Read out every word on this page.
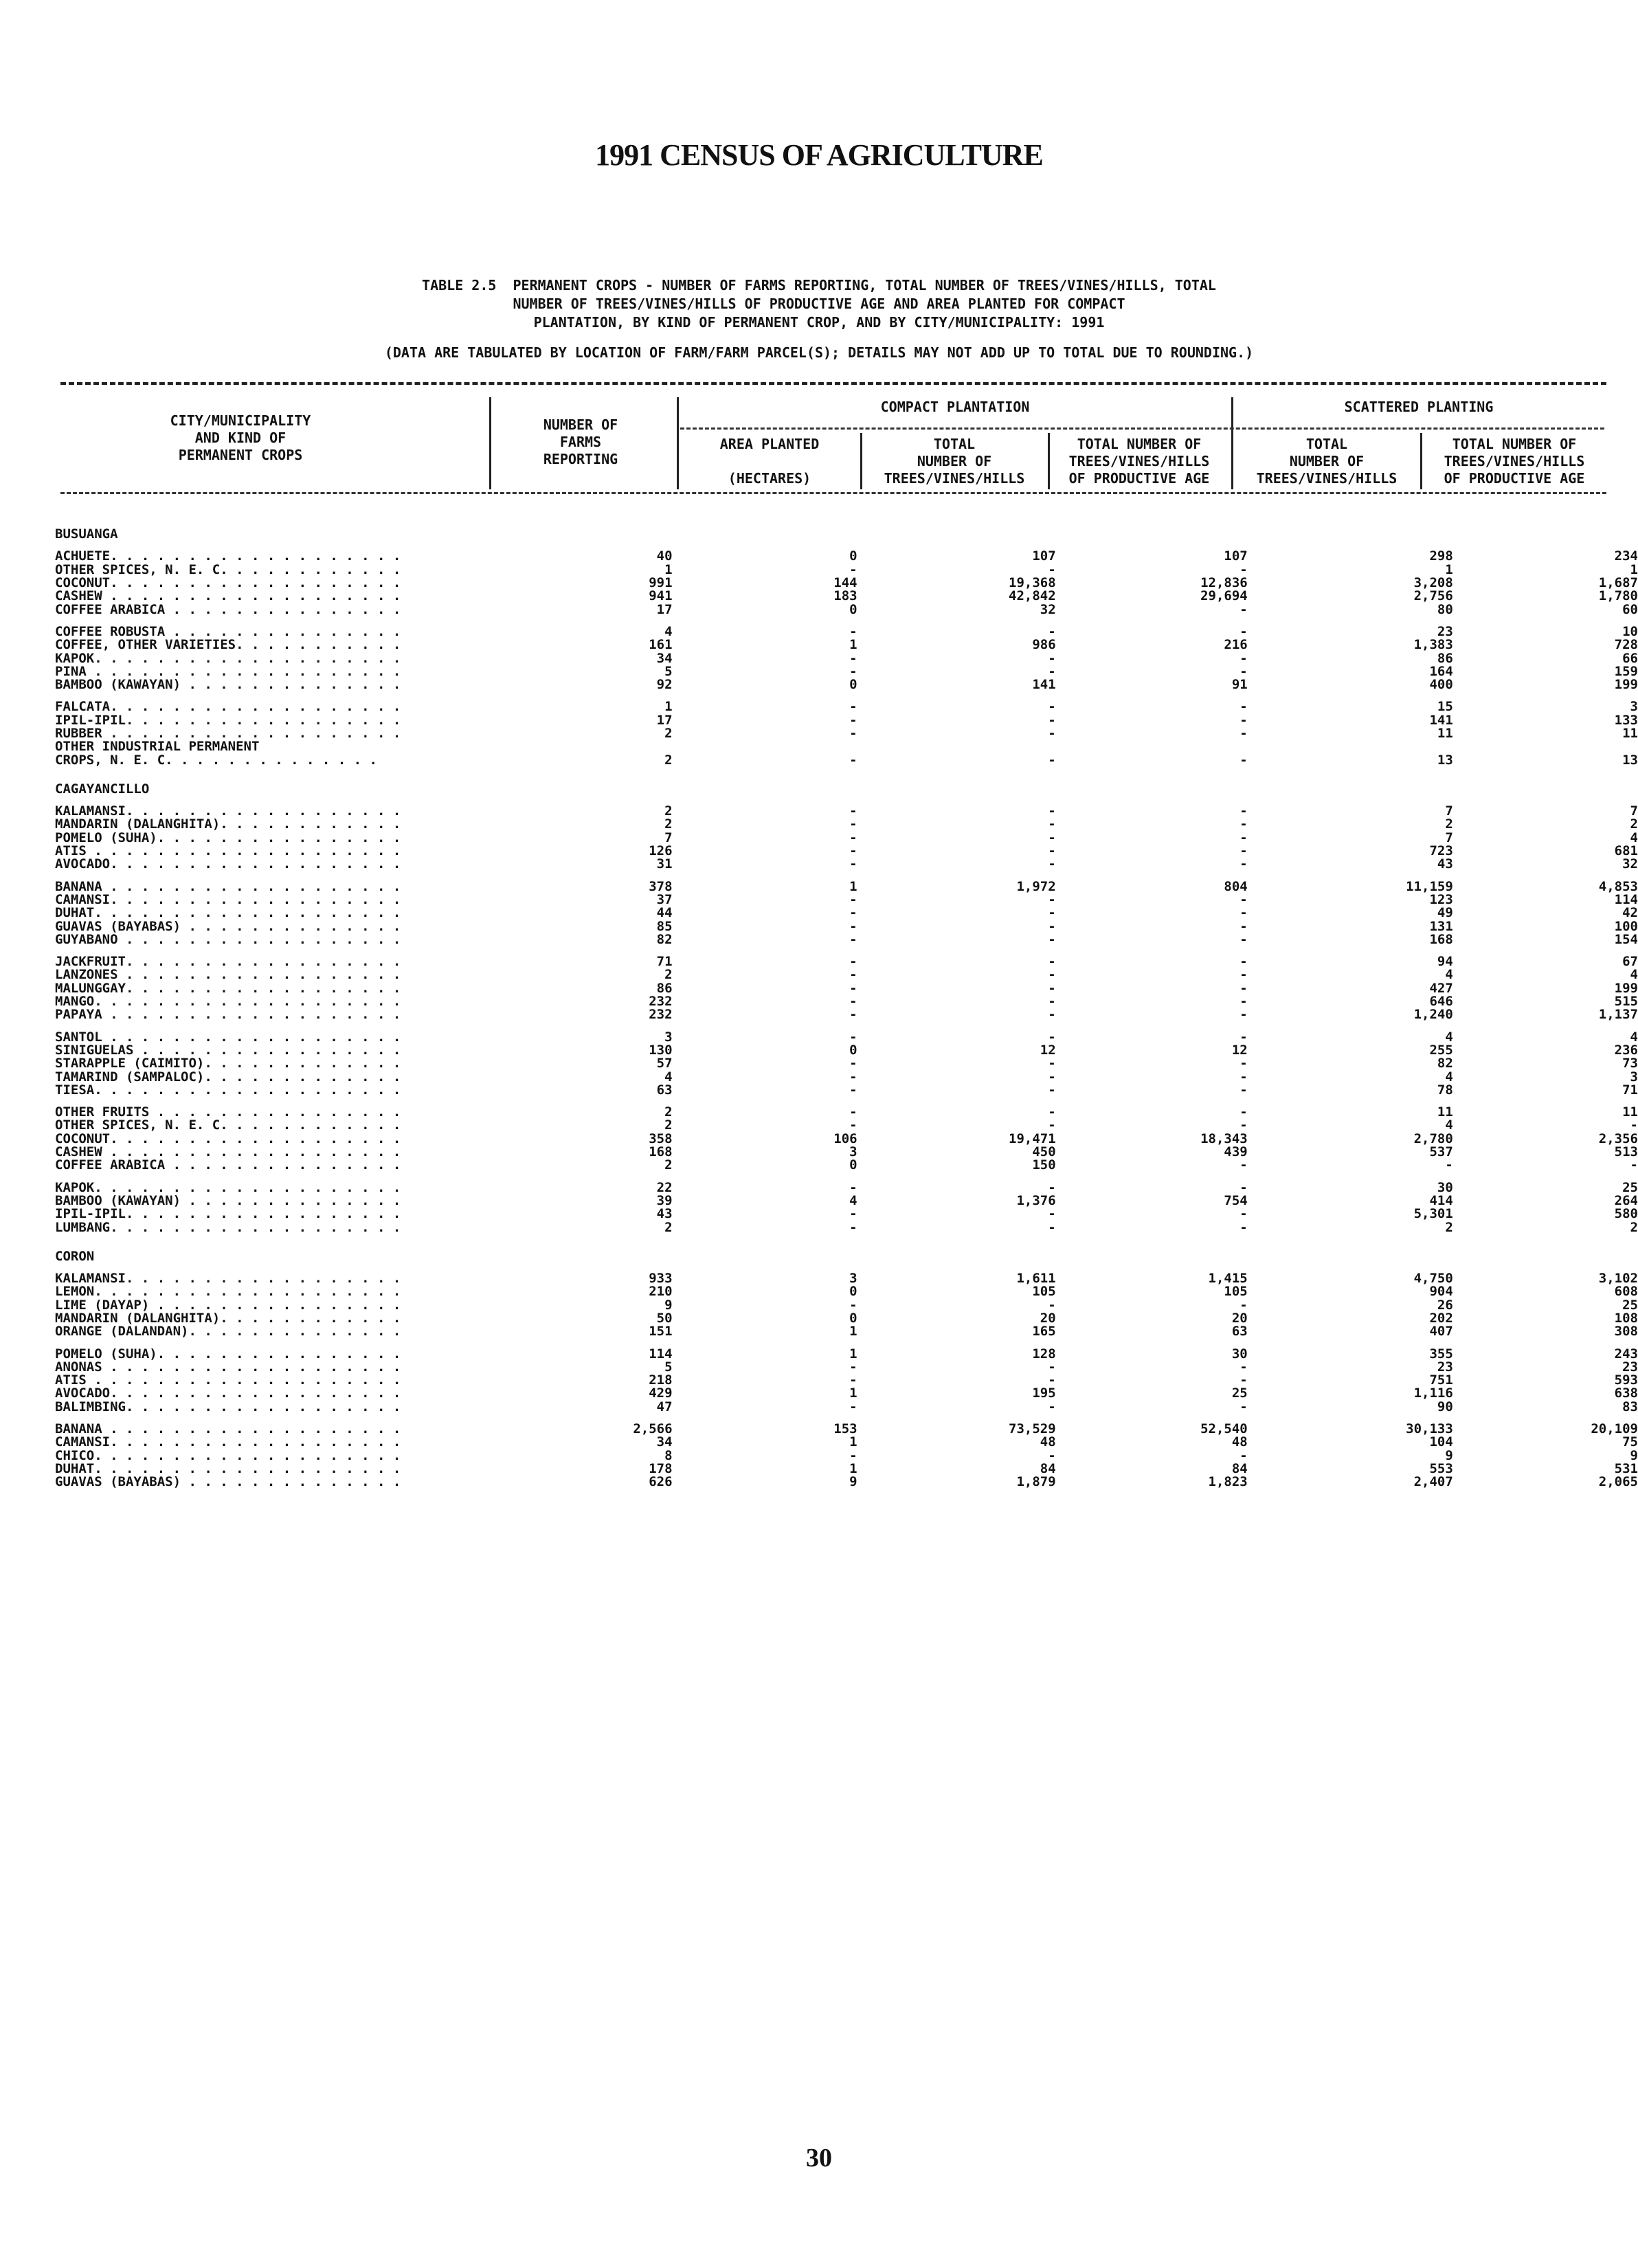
1991 CENSUS OF AGRICULTURE
TABLE 2.5  PERMANENT CROPS - NUMBER OF FARMS REPORTING, TOTAL NUMBER OF TREES/VINES/HILLS, TOTAL
NUMBER OF TREES/VINES/HILLS OF PRODUCTIVE AGE AND AREA PLANTED FOR COMPACT
PLANTATION, BY KIND OF PERMANENT CROP, AND BY CITY/MUNICIPALITY: 1991
(DATA ARE TABULATED BY LOCATION OF FARM/FARM PARCEL(S); DETAILS MAY NOT ADD UP TO TOTAL DUE TO ROUNDING.)
CITY/MUNICIPALITY
AND KIND OF
PERMANENT CROPS
NUMBER OF
FARMS
REPORTING
COMPACT PLANTATION
AREA PLANTED

(HECTARES)
TOTAL
NUMBER OF
TREES/VINES/HILLS
TOTAL NUMBER OF
TREES/VINES/HILLS
OF PRODUCTIVE AGE
SCATTERED PLANTING
TOTAL
NUMBER OF
TREES/VINES/HILLS
TOTAL NUMBER OF
TREES/VINES/HILLS
OF PRODUCTIVE AGE
BUSUANGA						

ACHUETE. . . . . . . . . . . . . . . . . . .	40	0	107	107	298	234
OTHER SPICES, N. E. C. . . . . . . . . . . .	1	-	-	-	1	1
COCONUT. . . . . . . . . . . . . . . . . . .	991	144	19,368	12,836	3,208	1,687
CASHEW . . . . . . . . . . . . . . . . . . .	941	183	42,842	29,694	2,756	1,780
COFFEE ARABICA . . . . . . . . . . . . . . .	17	0	32	-	80	60

COFFEE ROBUSTA . . . . . . . . . . . . . . .	4	-	-	-	23	10
COFFEE, OTHER VARIETIES. . . . . . . . . . .	161	1	986	216	1,383	728
KAPOK. . . . . . . . . . . . . . . . . . . .	34	-	-	-	86	66
PINA . . . . . . . . . . . . . . . . . . . .	5	-	-	-	164	159
BAMBOO (KAWAYAN) . . . . . . . . . . . . . .	92	0	141	91	400	199

FALCATA. . . . . . . . . . . . . . . . . . .	1	-	-	-	15	3
IPIL-IPIL. . . . . . . . . . . . . . . . . .	17	-	-	-	141	133
RUBBER . . . . . . . . . . . . . . . . . . .	2	-	-	-	11	11
OTHER INDUSTRIAL PERMANENT						
CROPS, N. E. C. . . . . . . . . . . . . .	2	-	-	-	13	13

CAGAYANCILLO						

KALAMANSI. . . . . . . . . . . . . . . . . .	2	-	-	-	7	7
MANDARIN (DALANGHITA). . . . . . . . . . . .	2	-	-	-	2	2
POMELO (SUHA). . . . . . . . . . . . . . . .	7	-	-	-	7	4
ATIS . . . . . . . . . . . . . . . . . . . .	126	-	-	-	723	681
AVOCADO. . . . . . . . . . . . . . . . . . .	31	-	-	-	43	32

BANANA . . . . . . . . . . . . . . . . . . .	378	1	1,972	804	11,159	4,853
CAMANSI. . . . . . . . . . . . . . . . . . .	37	-	-	-	123	114
DUHAT. . . . . . . . . . . . . . . . . . . .	44	-	-	-	49	42
GUAVAS (BAYABAS) . . . . . . . . . . . . . .	85	-	-	-	131	100
GUYABANO . . . . . . . . . . . . . . . . . .	82	-	-	-	168	154

JACKFRUIT. . . . . . . . . . . . . . . . . .	71	-	-	-	94	67
LANZONES . . . . . . . . . . . . . . . . . .	2	-	-	-	4	4
MALUNGGAY. . . . . . . . . . . . . . . . . .	86	-	-	-	427	199
MANGO. . . . . . . . . . . . . . . . . . . .	232	-	-	-	646	515
PAPAYA . . . . . . . . . . . . . . . . . . .	232	-	-	-	1,240	1,137

SANTOL . . . . . . . . . . . . . . . . . . .	3	-	-	-	4	4
SINIGUELAS . . . . . . . . . . . . . . . . .	130	0	12	12	255	236
STARAPPLE (CAIMITO). . . . . . . . . . . . .	57	-	-	-	82	73
TAMARIND (SAMPALOC). . . . . . . . . . . . .	4	-	-	-	4	3
TIESA. . . . . . . . . . . . . . . . . . . .	63	-	-	-	78	71

OTHER FRUITS . . . . . . . . . . . . . . . .	2	-	-	-	11	11
OTHER SPICES, N. E. C. . . . . . . . . . . .	2	-	-	-	4	-
COCONUT. . . . . . . . . . . . . . . . . . .	358	106	19,471	18,343	2,780	2,356
CASHEW . . . . . . . . . . . . . . . . . . .	168	3	450	439	537	513
COFFEE ARABICA . . . . . . . . . . . . . . .	2	0	150	-	-	-

KAPOK. . . . . . . . . . . . . . . . . . . .	22	-	-	-	30	25
BAMBOO (KAWAYAN) . . . . . . . . . . . . . .	39	4	1,376	754	414	264
IPIL-IPIL. . . . . . . . . . . . . . . . . .	43	-	-	-	5,301	580
LUMBANG. . . . . . . . . . . . . . . . . . .	2	-	-	-	2	2

CORON						

KALAMANSI. . . . . . . . . . . . . . . . . .	933	3	1,611	1,415	4,750	3,102
LEMON. . . . . . . . . . . . . . . . . . . .	210	0	105	105	904	608
LIME (DAYAP) . . . . . . . . . . . . . . . .	9	-	-	-	26	25
MANDARIN (DALANGHITA). . . . . . . . . . . .	50	0	20	20	202	108
ORANGE (DALANDAN). . . . . . . . . . . . . .	151	1	165	63	407	308

POMELO (SUHA). . . . . . . . . . . . . . . .	114	1	128	30	355	243
ANONAS . . . . . . . . . . . . . . . . . . .	5	-	-	-	23	23
ATIS . . . . . . . . . . . . . . . . . . . .	218	-	-	-	751	593
AVOCADO. . . . . . . . . . . . . . . . . . .	429	1	195	25	1,116	638
BALIMBING. . . . . . . . . . . . . . . . . .	47	-	-	-	90	83

BANANA . . . . . . . . . . . . . . . . . . .	2,566	153	73,529	52,540	30,133	20,109
CAMANSI. . . . . . . . . . . . . . . . . . .	34	1	48	48	104	75
CHICO. . . . . . . . . . . . . . . . . . . .	8	-	-	-	9	9
DUHAT. . . . . . . . . . . . . . . . . . . .	178	1	84	84	553	531
GUAVAS (BAYABAS) . . . . . . . . . . . . . .	626	9	1,879	1,823	2,407	2,065

30
